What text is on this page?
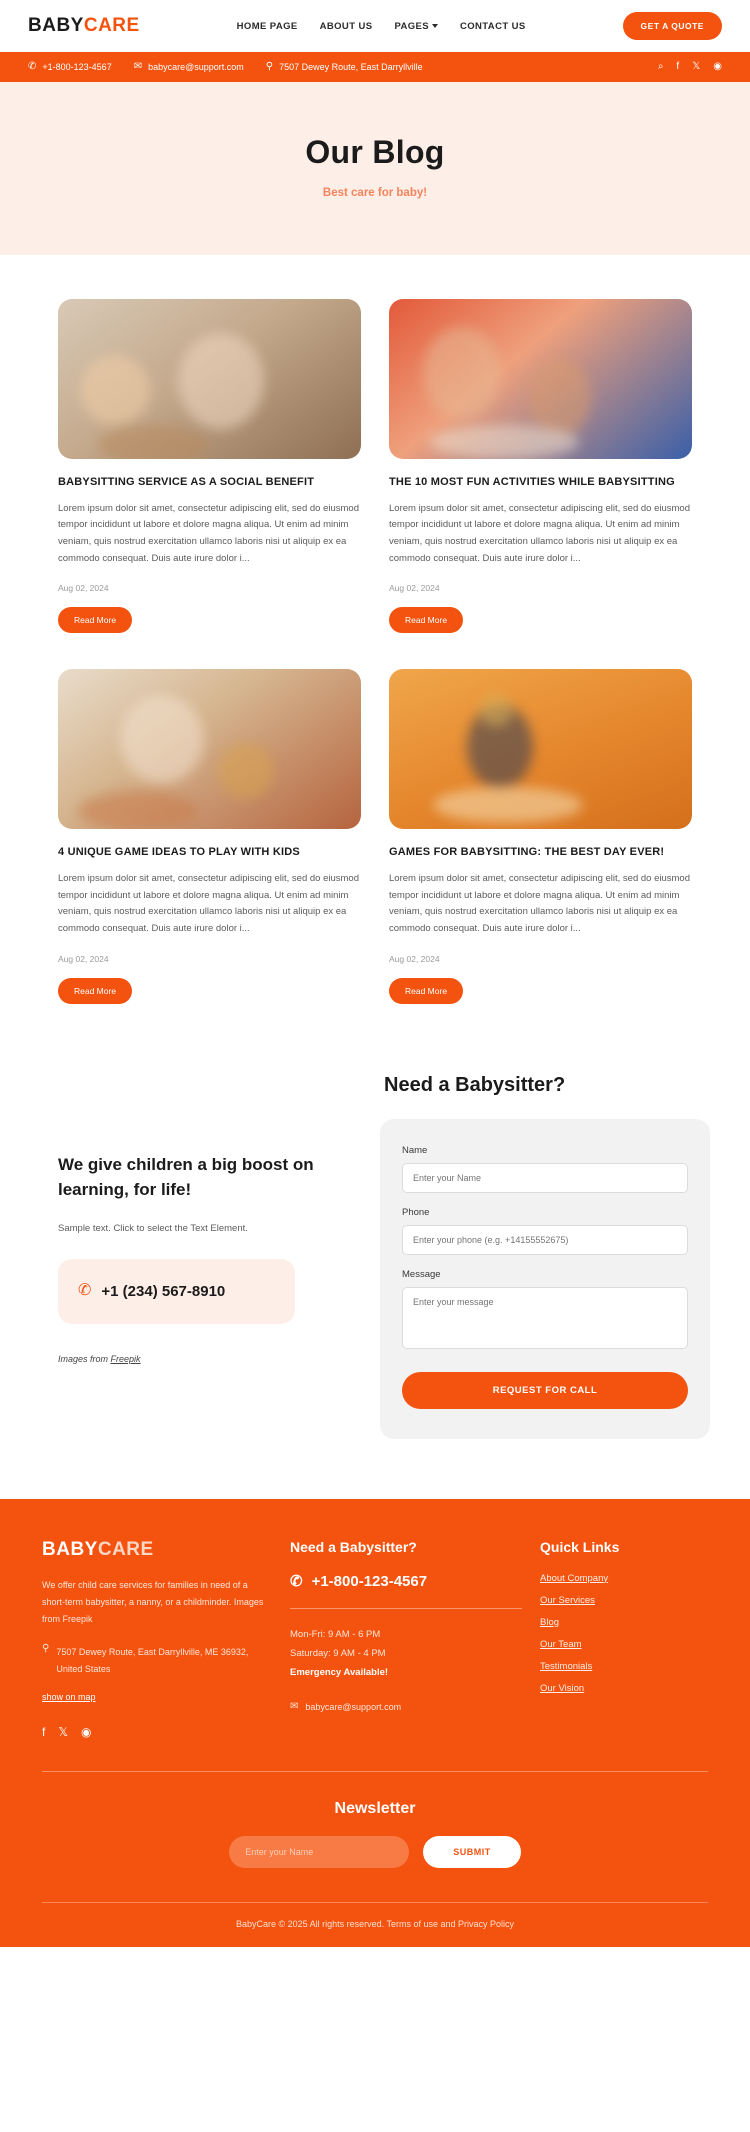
BABYCARE	HOME PAGE ABOUT US PAGES	CONTACT US	GET A QUOTE
✆ +1-800-123-4567 ✉ babycare@support.com ⚲ 7507 Dewey Route, East Darryllville	⌕ f 𝕏 ◉
Our Blog
Best care for baby!
BABYSITTING SERVICE AS A SOCIAL BENEFIT

Lorem ipsum dolor sit amet, consectetur adipiscing elit, sed do eiusmod tempor incididunt ut labore et dolore magna aliqua. Ut enim ad minim veniam, quis nostrud exercitation ullamco laboris nisi ut aliquip ex ea commodo consequat. Duis aute irure dolor i...

Aug 02, 2024
Read More
THE 10 MOST FUN ACTIVITIES WHILE BABYSITTING

Lorem ipsum dolor sit amet, consectetur adipiscing elit, sed do eiusmod tempor incididunt ut labore et dolore magna aliqua. Ut enim ad minim veniam, quis nostrud exercitation ullamco laboris nisi ut aliquip ex ea commodo consequat. Duis aute irure dolor i...

Aug 02, 2024
Read More
4 UNIQUE GAME IDEAS TO PLAY WITH KIDS

Lorem ipsum dolor sit amet, consectetur adipiscing elit, sed do eiusmod tempor incididunt ut labore et dolore magna aliqua. Ut enim ad minim veniam, quis nostrud exercitation ullamco laboris nisi ut aliquip ex ea commodo consequat. Duis aute irure dolor i...

Aug 02, 2024
Read More
GAMES FOR BABYSITTING: THE BEST DAY EVER!

Lorem ipsum dolor sit amet, consectetur adipiscing elit, sed do eiusmod tempor incididunt ut labore et dolore magna aliqua. Ut enim ad minim veniam, quis nostrud exercitation ullamco laboris nisi ut aliquip ex ea commodo consequat. Duis aute irure dolor i...

Aug 02, 2024
Read More
We give children a big boost on learning, for life!
Sample text. Click to select the Text Element.
✆ +1 (234) 567-8910
Images from Freepik
Need a Babysitter?
Name
Enter your Name
Phone
Enter your phone (e.g. +14155552675)
Message
Enter your message REQUEST FOR CALL
BABYCARE

We offer child care services for families in need of a short-term babysitter, a nanny, or a childminder. Images from Freepik

⚲ 7507 Dewey Route, East Darryllville, ME 36932, United States
show on map
f 𝕏 ◉
Need a Babysitter?
✆ +1-800-123-4567
Mon-Fri: 9 AM - 6 PM
Saturday: 9 AM - 4 PM
Emergency Available!
✉ babycare@support.com
Quick Links
About Company
Our Services
Blog
Our Team
Testimonials
Our Vision
Newsletter
Enter your Name
SUBMIT
BabyCare © 2025 All rights reserved. Terms of use and Privacy Policy
